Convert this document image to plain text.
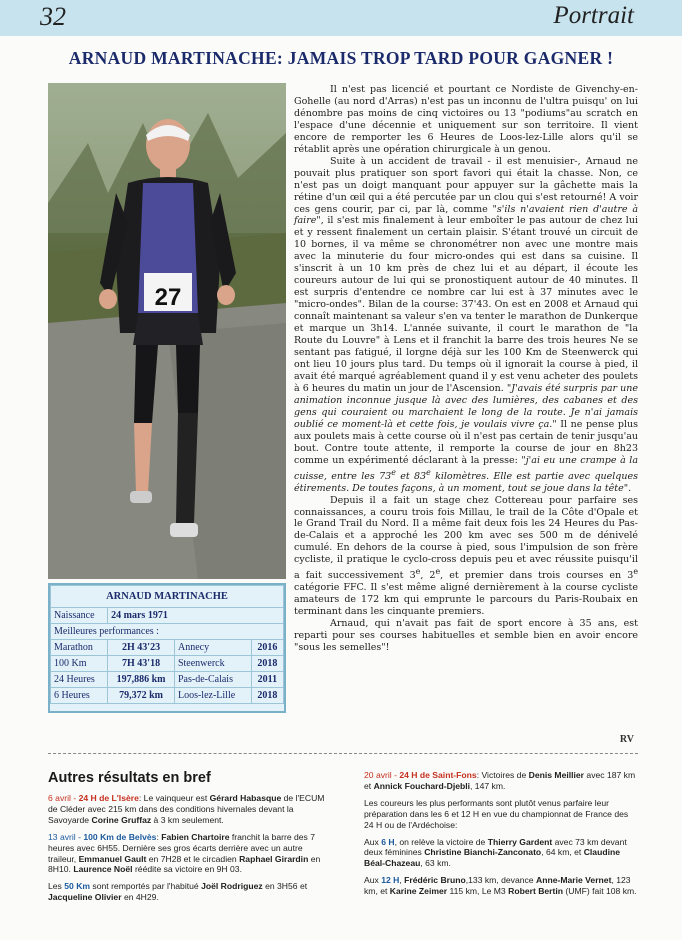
32	Portrait
ARNAUD MARTINACHE: JAMAIS TROP TARD POUR GAGNER !
27

Il n'est pas licencié et pourtant ce Nordiste de Givenchy-en-Gohelle (au nord d'Arras) n'est pas un inconnu de l'ultra puisqu' on lui dénombre pas moins de cinq victoires ou 13 "podiums"au scratch en l'espace d'une décennie et uniquement sur son territoire. Il vient encore de remporter les 6 Heures de Loos-lez-Lille alors qu'il se rétablit après une opération chirurgicale à un genou.

Suite à un accident de travail - il est menuisier-, Arnaud ne pouvait plus pratiquer son sport favori qui était la chasse. Non, ce n'est pas un doigt manquant pour appuyer sur la gâchette mais la rétine d'un œil qui a été percutée par un clou qui s'est retourné! A voir ces gens courir, par ci, par là, comme "s'ils n'avaient rien d'autre à faire", il s'est mis finalement à leur emboîter le pas autour de chez lui et y ressent finalement un certain plaisir. S'étant trouvé un circuit de 10 bornes, il va même se chronométrer non avec une montre mais avec la minuterie du four micro-ondes qui est dans sa cuisine. Il s'inscrit à un 10 km près de chez lui et au départ, il écoute les coureurs autour de lui qui se pronostiquent autour de 40 minutes. Il est surpris d'entendre ce nombre car lui est à 37 minutes avec le "micro-ondes". Bilan de la course: 37'43. On est en 2008 et Arnaud qui connaît maintenant sa valeur s'en va tenter le marathon de Dunkerque et marque un 3h14. L'année suivante, il court le marathon de "la Route du Louvre" à Lens et il franchit la barre des trois heures Ne se sentant pas fatigué, il lorgne déjà sur les 100 Km de Steenwerck qui ont lieu 10 jours plus tard. Du temps où il ignorait la course à pied, il avait été marqué agréablement quand il y est venu acheter des poulets à 6 heures du matin un jour de l'Ascension. "J'avais été surpris par une animation inconnue jusque là avec des lumières, des cabanes et des gens qui couraient ou marchaient le long de la route. Je n'ai jamais oublié ce moment-là et cette fois, je voulais vivre ça." Il ne pense plus aux poulets mais à cette course où il n'est pas certain de tenir jusqu'au bout. Contre toute attente, il remporte la course de jour en 8h23 comme un expérimenté déclarant à la presse: "j'ai eu une crampe à la cuisse, entre les 73e et 83e kilomètres. Elle est partie avec quelques étirements. De toutes façons, à un moment, tout se joue dans la tête".

Depuis il a fait un stage chez Cottereau pour parfaire ses connaissances, a couru trois fois Millau, le trail de la Côte d'Opale et le Grand Trail du Nord. Il a même fait deux fois les 24 Heures du Pas-de-Calais et a approché les 200 km avec ses 500 m de dénivelé cumulé. En dehors de la course à pied, sous l'impulsion de son frère cycliste, il pratique le cyclo-cross depuis peu et avec réussite puisqu'il a fait successivement 3e, 2e, et premier dans trois courses en 3e catégorie FFC. Il s'est même aligné dernièrement à la course cycliste amateurs de 172 km qui emprunte le parcours du Paris-Roubaix en terminant dans les cinquante premiers.

Arnaud, qui n'avait pas fait de sport encore à 35 ans, est reparti pour ses courses habituelles et semble bien en avoir encore "sous les semelles"!

RV
ARNAUD MARTINACHE			
Naissance	24 mars 1971		
Meilleures performances :			
Marathon	2H 43'23	Annecy	2016
100 Km	7H 43'18	Steenwerck	2018
24 Heures	197,886 km	Pas-de-Calais	2011
6 Heures	79,372 km	Loos-lez-Lille	2018
Autres résultats en bref

6 avril - 24 H de L'Isère: Le vainqueur est Gérard Habasque de l'ECUM de Cléder avec 215 km dans des conditions hivernales devant la Savoyarde Corine Gruffaz à 3 km seulement.

13 avril - 100 Km de Belvès: Fabien Chartoire franchit la barre des 7 heures avec 6H55. Dernière ses gros écarts derrière avec un autre traileur, Emmanuel Gault en 7H28 et le circadien Raphael Girardin en 8H10. Laurence Noël réédite sa victoire en 9H 03.

Les 50 Km sont remportés par l'habitué Joël Rodriguez en 3H56 et Jacqueline Olivier en 4H29.

20 avril - 24 H de Saint-Fons: Victoires de Denis Meillier avec 187 km et Annick Fouchard-Djebli, 147 km.

Les coureurs les plus performants sont plutôt venus parfaire leur préparation dans les 6 et 12 H en vue du championnat de France des 24 H ou de l'Ardéchoise:

Aux 6 H, on relève la victoire de Thierry Gardent avec 73 km devant deux féminines Christine Bianchi-Zanconato, 64 km, et Claudine Béal-Chazeau, 63 km.

Aux 12 H, Frédéric Bruno,133 km, devance Anne-Marie Vernet, 123 km, et Karine Zeimer 115 km, Le M3 Robert Bertin (UMF) fait 108 km.
